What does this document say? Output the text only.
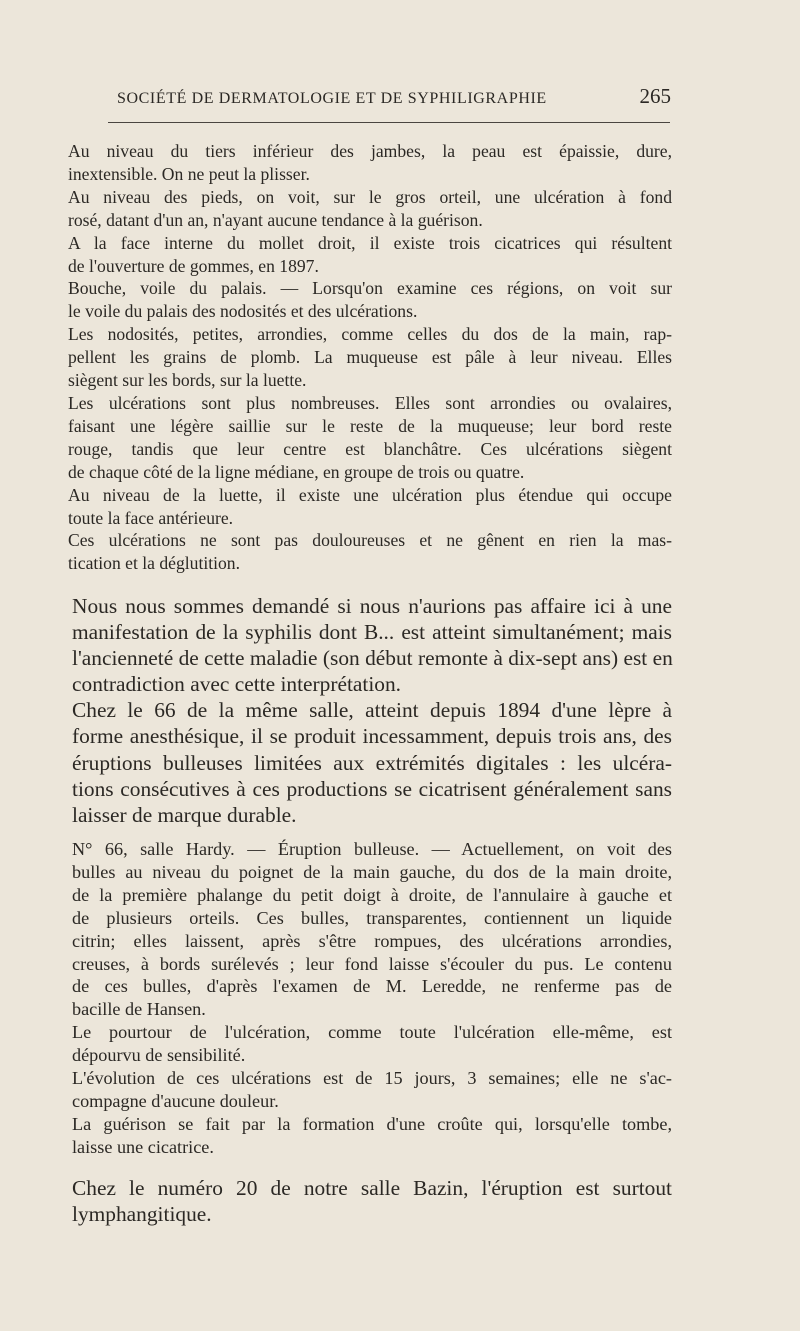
SOCIÉTÉ DE DERMATOLOGIE ET DE SYPHILIGRAPHIE	265

Au niveau du tiers inférieur des jambes, la peau est épaissie, dure,
inextensible. On ne peut la plisser.

Au niveau des pieds, on voit, sur le gros orteil, une ulcération à fond
rosé, datant d'un an, n'ayant aucune tendance à la guérison.

A la face interne du mollet droit, il existe trois cicatrices qui résultent
de l'ouverture de gommes, en 1897.

Bouche, voile du palais. — Lorsqu'on examine ces régions, on voit sur
le voile du palais des nodosités et des ulcérations.

Les nodosités, petites, arrondies, comme celles du dos de la main, rap-
pellent les grains de plomb. La muqueuse est pâle à leur niveau. Elles
siègent sur les bords, sur la luette.

Les ulcérations sont plus nombreuses. Elles sont arrondies ou ovalaires,
faisant une légère saillie sur le reste de la muqueuse; leur bord reste
rouge, tandis que leur centre est blanchâtre. Ces ulcérations siègent
de chaque côté de la ligne médiane, en groupe de trois ou quatre.

Au niveau de la luette, il existe une ulcération plus étendue qui occupe
toute la face antérieure.

Ces ulcérations ne sont pas douloureuses et ne gênent en rien la mas-
tication et la déglutition.

Nous nous sommes demandé si nous n'aurions pas affaire ici à une
manifestation de la syphilis dont B... est atteint simultanément; mais
l'ancienneté de cette maladie (son début remonte à dix-sept ans) est en
contradiction avec cette interprétation.

Chez le 66 de la même salle, atteint depuis 1894 d'une lèpre à
forme anesthésique, il se produit incessamment, depuis trois ans, des
éruptions bulleuses limitées aux extrémités digitales : les ulcéra-
tions consécutives à ces productions se cicatrisent généralement sans
laisser de marque durable.

N° 66, salle Hardy. — Éruption bulleuse. — Actuellement, on voit des
bulles au niveau du poignet de la main gauche, du dos de la main droite,
de la première phalange du petit doigt à droite, de l'annulaire à gauche et
de plusieurs orteils. Ces bulles, transparentes, contiennent un liquide
citrin; elles laissent, après s'être rompues, des ulcérations arrondies,
creuses, à bords surélevés ; leur fond laisse s'écouler du pus. Le contenu
de ces bulles, d'après l'examen de M. Leredde, ne renferme pas de
bacille de Hansen.

Le pourtour de l'ulcération, comme toute l'ulcération elle-même, est
dépourvu de sensibilité.

L'évolution de ces ulcérations est de 15 jours, 3 semaines; elle ne s'ac-
compagne d'aucune douleur.

La guérison se fait par la formation d'une croûte qui, lorsqu'elle tombe,
laisse une cicatrice.

Chez le numéro 20 de notre salle Bazin, l'éruption est surtout
lymphangitique.
